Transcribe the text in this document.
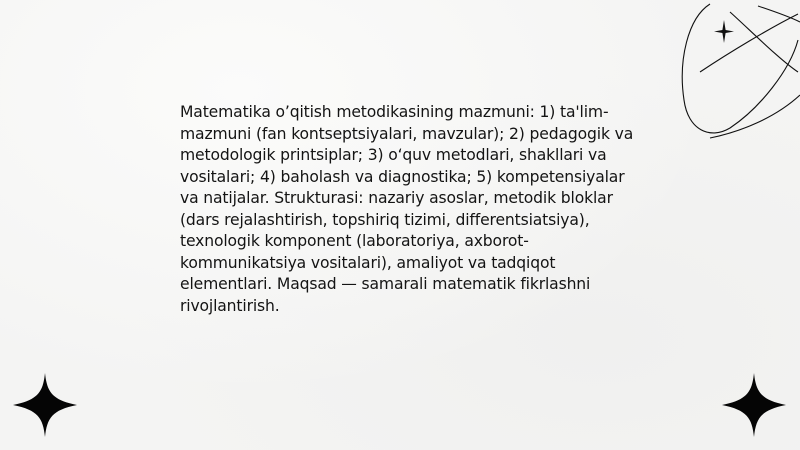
Matematika o’qitish metodikasining mazmuni: 1) ta'lim-mazmuni (fan kontseptsiyalari, mavzular); 2) pedagogik va metodologik printsiplar; 3) o‘quv metodlari, shakllari va vositalari; 4) baholash va diagnostika; 5) kompetensiyalar va natijalar. Strukturasi: nazariy asoslar, metodik bloklar (dars rejalashtirish, topshiriq tizimi, differentsiatsiya), texnologik komponent (laboratoriya, axborot-kommunikatsiya vositalari), amaliyot va tadqiqot elementlari. Maqsad — samarali matematik fikrlashni rivojlantirish.
